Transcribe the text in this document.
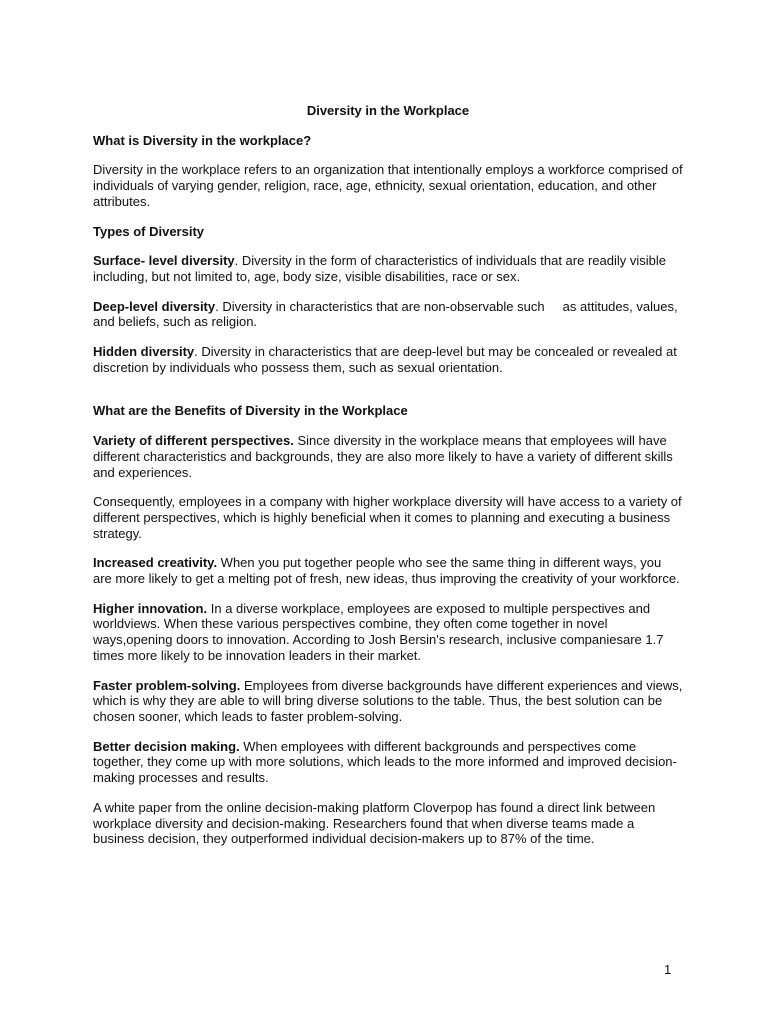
Diversity in the Workplace
What is Diversity in the workplace?
Diversity in the workplace refers to an organization that intentionally employs a workforce comprised of individuals of varying gender, religion, race, age, ethnicity, sexual orientation, education, and other attributes.
Types of Diversity
Surface- level diversity. Diversity in the form of characteristics of individuals that are readily visible including, but not limited to, age, body size, visible disabilities, race or sex.
Deep-level diversity. Diversity in characteristics that are non-observable such     as attitudes, values, and beliefs, such as religion.
Hidden diversity. Diversity in characteristics that are deep-level but may be concealed or revealed at discretion by individuals who possess them, such as sexual orientation.
What are the Benefits of Diversity in the Workplace
Variety of different perspectives. Since diversity in the workplace means that employees will have different characteristics and backgrounds, they are also more likely to have a variety of different skills and experiences.
Consequently, employees in a company with higher workplace diversity will have access to a variety of different perspectives, which is highly beneficial when it comes to planning and executing a business strategy.
Increased creativity. When you put together people who see the same thing in different ways, you are more likely to get a melting pot of fresh, new ideas, thus improving the creativity of your workforce.
Higher innovation. In a diverse workplace, employees are exposed to multiple perspectives and worldviews. When these various perspectives combine, they often come together in novel ways,opening doors to innovation. According to Josh Bersin's research, inclusive companiesare 1.7 times more likely to be innovation leaders in their market.
Faster problem-solving. Employees from diverse backgrounds have different experiences and views, which is why they are able to will bring diverse solutions to the table. Thus, the best solution can be chosen sooner, which leads to faster problem-solving.
Better decision making. When employees with different backgrounds and perspectives come together, they come up with more solutions, which leads to the more informed and improved decision-making processes and results.
A white paper from the online decision-making platform Cloverpop has found a direct link between workplace diversity and decision-making. Researchers found that when diverse teams made a business decision, they outperformed individual decision-makers up to 87% of the time.
1
